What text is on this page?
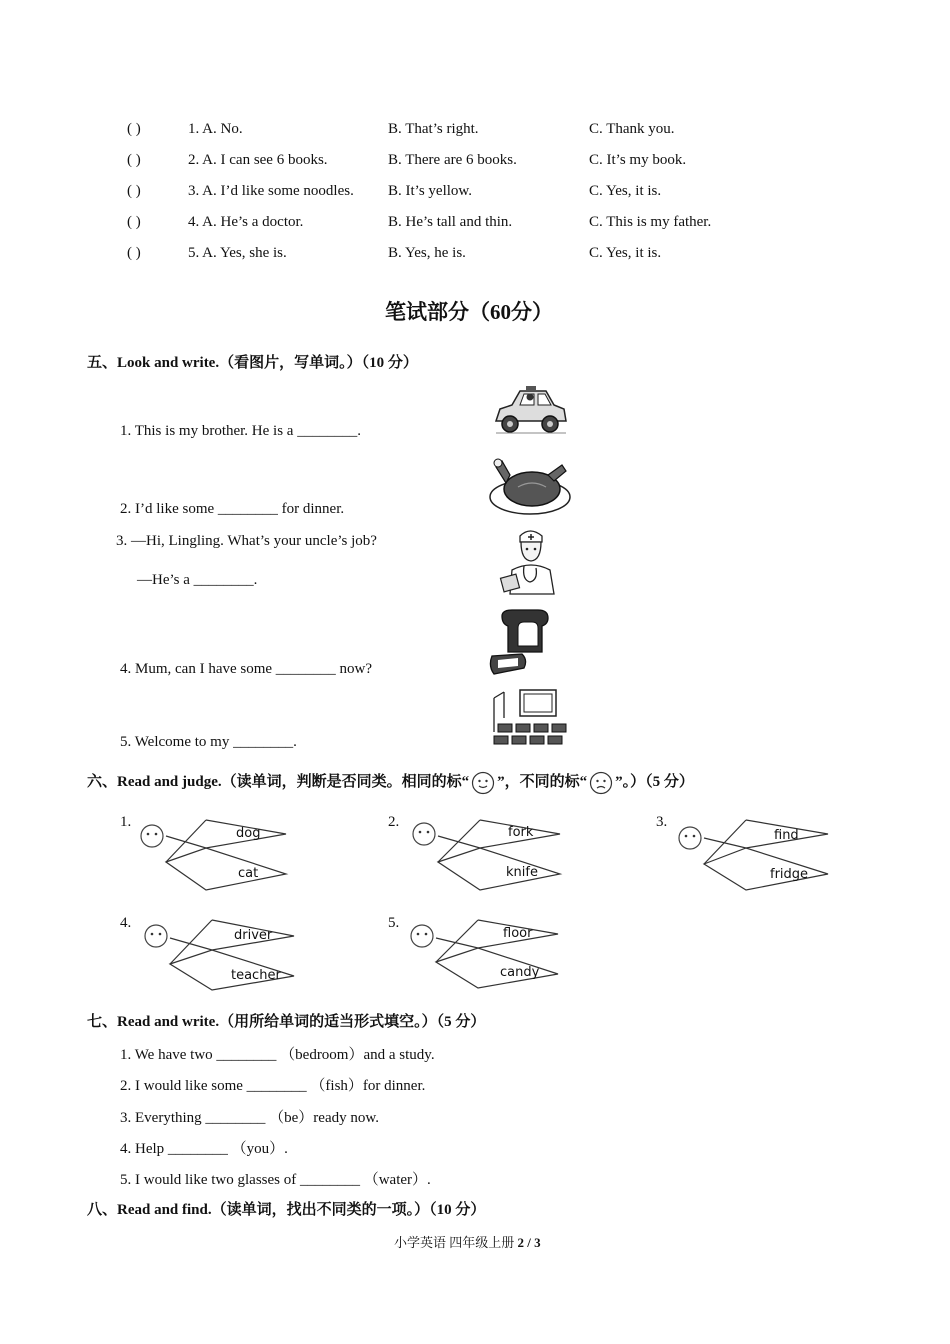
( )	1. A. No.	B. That’s right.	C. Thank you.
( )	2. A. I can see 6 books.	B. There are 6 books.	C. It’s my book.
( )	3. A. I’d like some noodles. B. It’s yellow.	C. Yes, it is.
( )	4. A. He’s a doctor.	B. He’s tall and thin.	C. This is my father.
( )	5. A. Yes, she is.	B. Yes, he is.	C. Yes, it is.
笔试部分（60分）
五、Look and write.（看图片，写单词。）（10 分）
1. This is my brother. He is a ________.
2. I’d like some ________ for dinner.
3. —Hi, Lingling. What’s your uncle’s job?
—He’s a ________.
4. Mum, can I have some ________ now?
5. Welcome to my ________.
六、Read and judge.（读单词，判断是否同类。相同的标“ ”，不同的标“ ”。）（5 分）
1.
dog
cat
2.
fork
knife
3.
find
fridge
4.
driver
teacher
5.
floor
candy
七、Read and write.（用所给单词的适当形式填空。）（5 分）
1. We have two ________ （bedroom）and a study.
2. I would like some ________ （fish）for dinner.
3. Everything ________ （be）ready now.
4. Help ________ （you）.
5. I would like two glasses of ________ （water）.
八、Read and find.（读单词，找出不同类的一项。）（10 分）
小学英语 四年级上册 2 / 3
